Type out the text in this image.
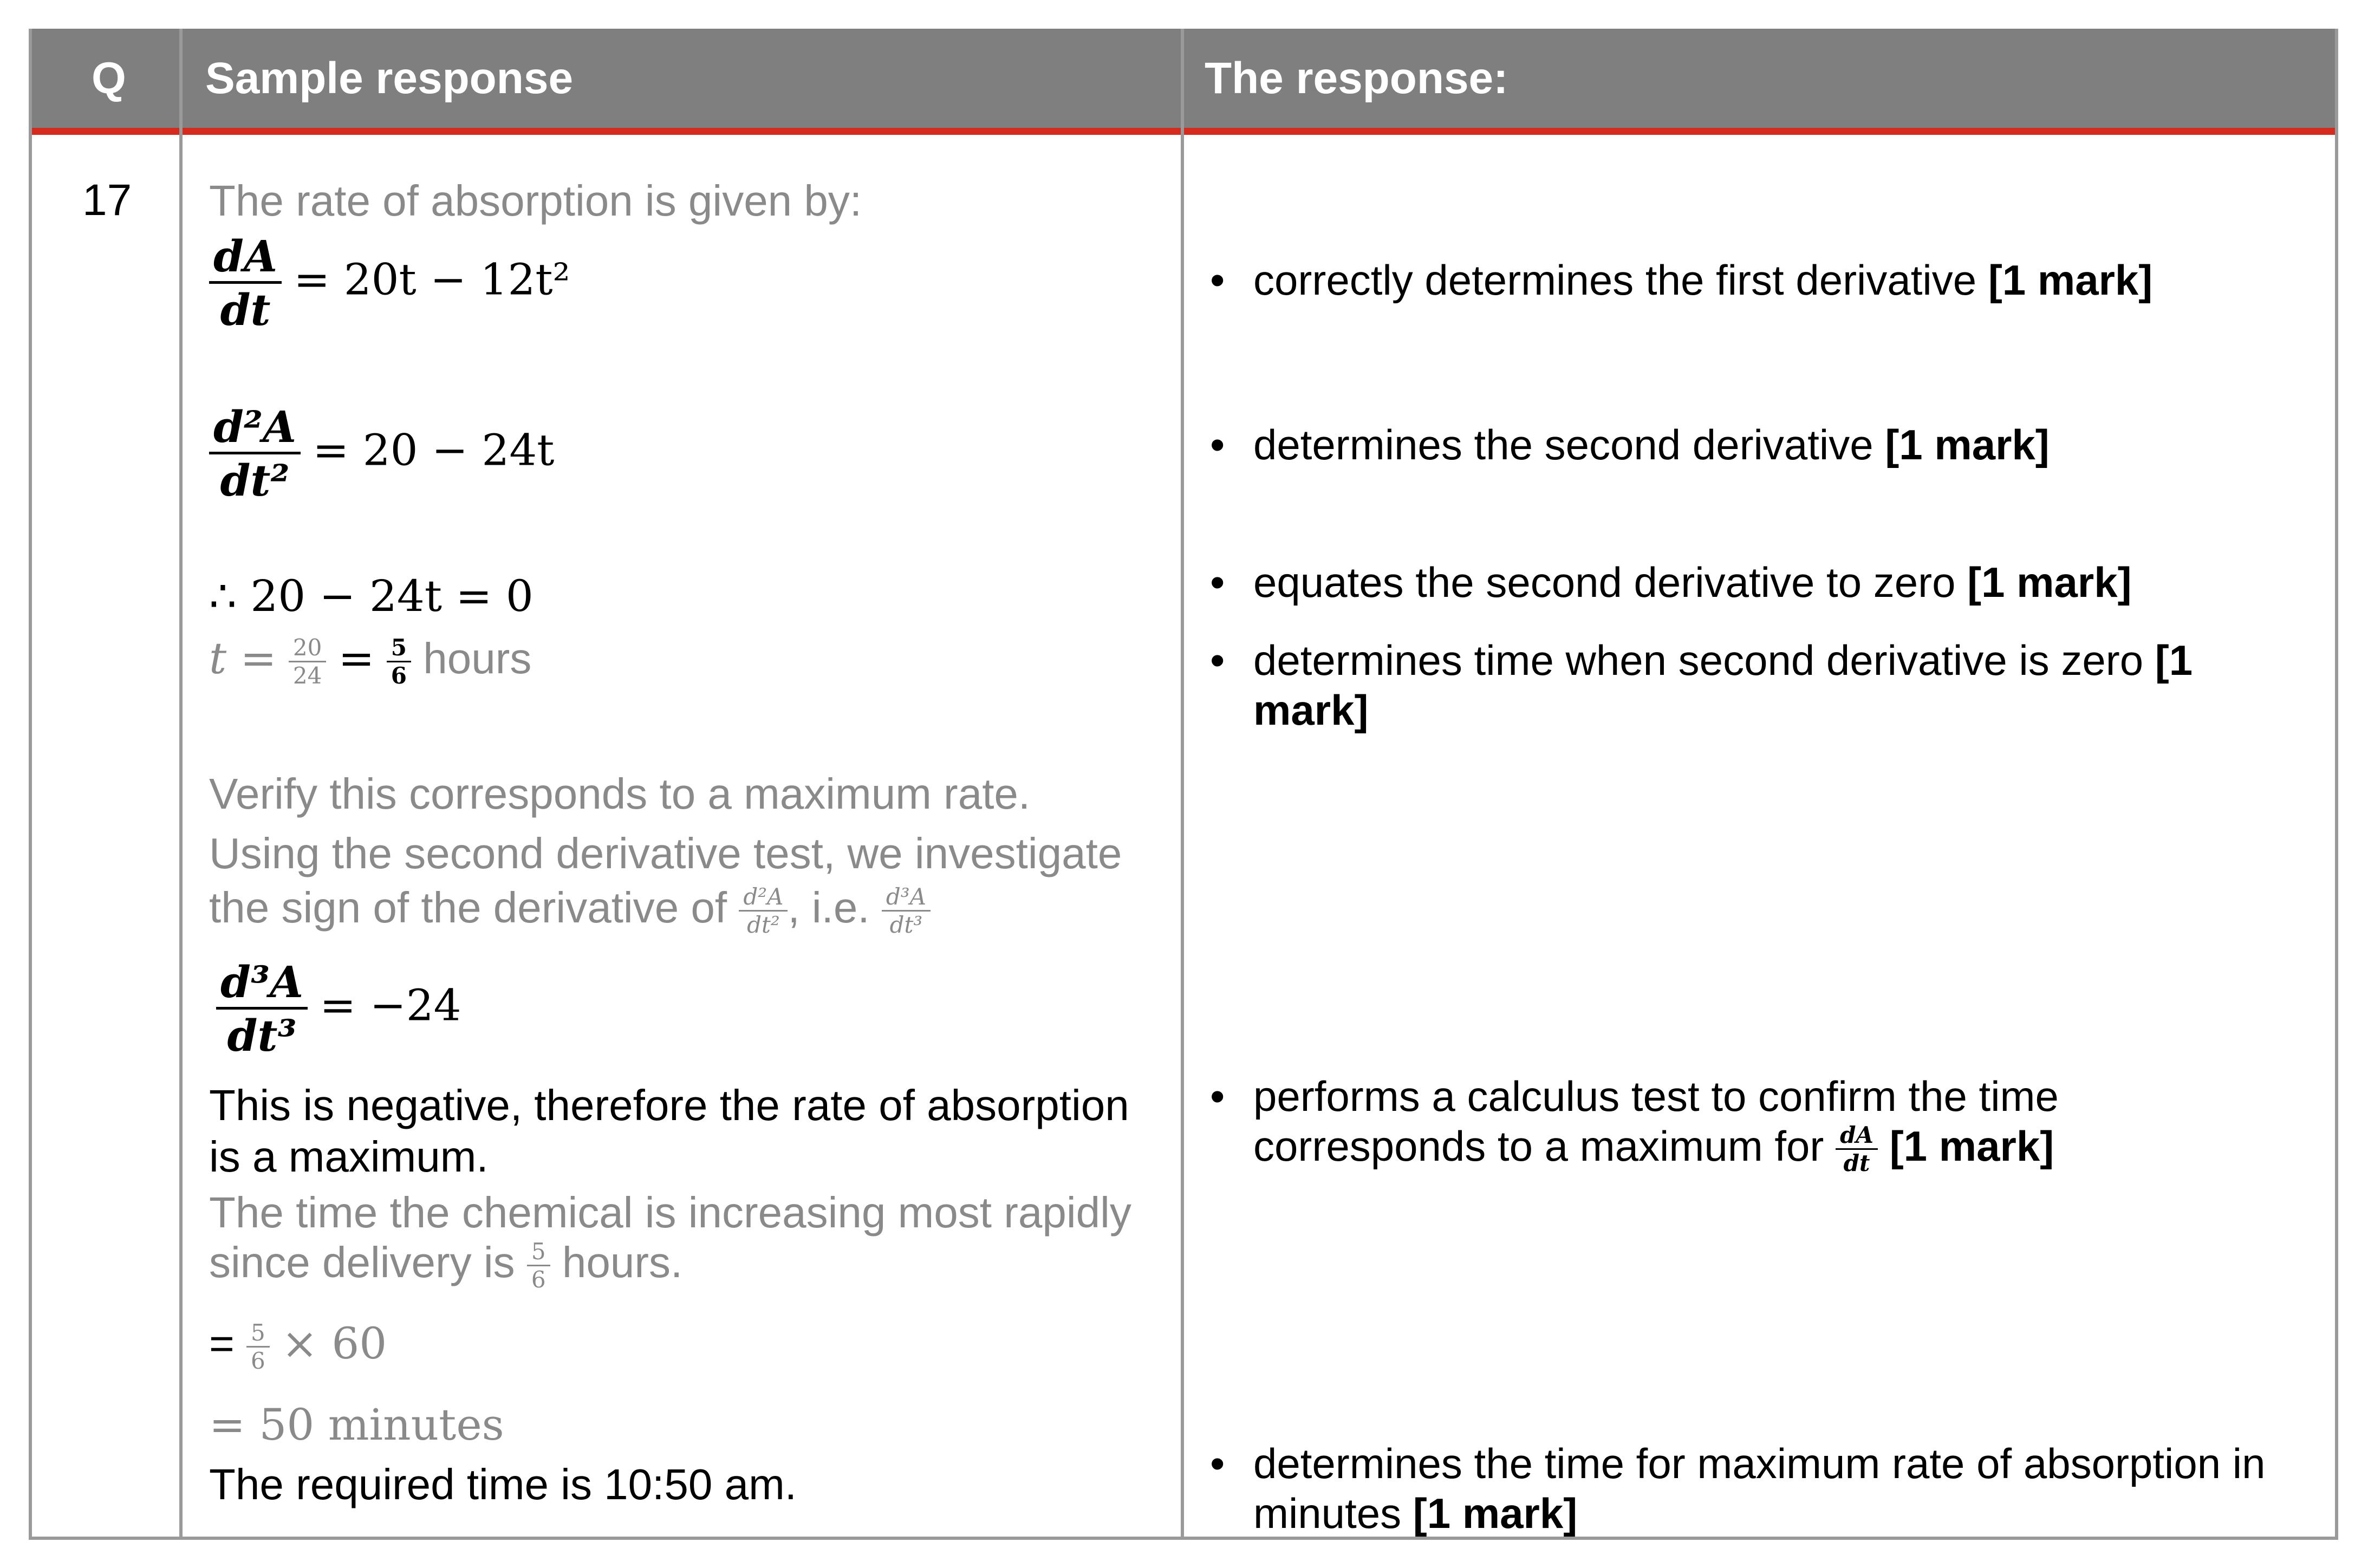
Q Sample response	The response:
17 The rate of absorption is given by:
$\frac{dA}{dt} = 20t - 12t^2$
$\frac{\text{d²A}}{\text{dt²}} = 20 - 24t$
∴ 20 − 24t = 0
$t = \frac{20}{24} = \frac{5}{6}$ hours
Verify this corresponds to a maximum rate.
Using the second derivative test, we investigate
the sign of the derivative of $\frac{\text{d²A}}{\text{dt²}}$ , i.e. $\frac{\text{d³A}}{\text{dt³}}$
$\frac{\text{d³A}}{\text{dt³}} = -24$
This is negative, therefore the rate of absorption
is a maximum.
The time the chemical is increasing most rapidly
since delivery is $\frac{5}{6}$ hours.
= $\frac{5}{6} \times 60$
= 50 minutes
The required time is 10:50 am.
• correctly determines the first derivative [1 mark]
• determines the second derivative [1 mark]
• equates the second derivative to zero [1 mark]
• determines time when second derivative is zero [1 mark]
• performs a calculus test to confirm the time
corresponds to a maximum for $\frac{dA}{dt} [1$ mark]
• determines the time for maximum rate of absorption in minutes [1 mark]
